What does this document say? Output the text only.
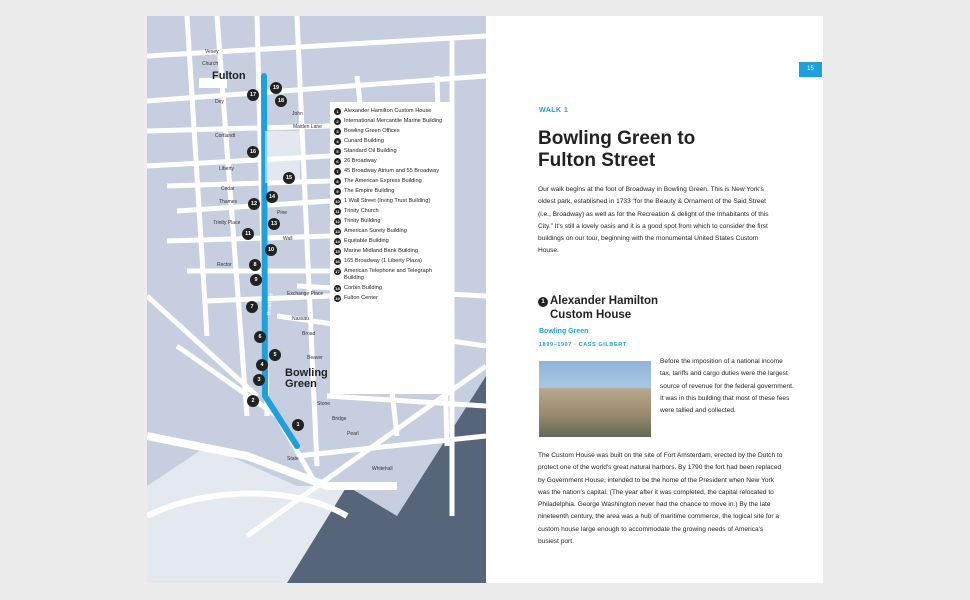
Fulton
Bowling Green
Vesey
Dey
Cortlandt
Maiden Lane
Liberty
Cedar
Thames
Pine
Wall
Rector
Exchange Place
Beaver
Stone
Bridge
Pearl
Whitehall
State
Broad
Nassau
John
Church
Trinity Place
Broadway
1
2
3
4
5
6
7
8
9
10
11
12
13
14
15
16
17
18
19
1 Alexander Hamilton Custom House
2 International Mercantile Marine Building
3 Bowling Green Offices
4 Cunard Building
5 Standard Oil Building
6 26 Broadway
7 45 Broadway Atrium and 55 Broadway
8 The American Express Building
9 The Empire Building
10 1 Wall Street (Irving Trust Building)
11 Trinity Church
12 Trinity Building
13 American Surety Building
14 Equitable Building
15 Marine Midland Bank Building
16 165 Broadway (1 Liberty Plaza)
17 American Telephone and Telegraph Building
18 Corbin Building
19 Fulton Center
15
WALK 1
Bowling Green to Fulton Street
Our walk begins at the foot of Broadway in Bowling Green. This is New York's oldest park, established in 1733 “for the Beauty & Ornament of the Said Street (i.e., Broadway) as well as for the Recreation & delight of the Inhabitants of this City.” It's still a lovely oasis and it is a good spot from which to consider the first buildings on our tour, beginning with the monumental United States Custom House.
1 Alexander Hamilton Custom House
Bowling Green
1899–1907 · CASS GILBERT
Before the imposition of a national income tax, tariffs and cargo duties were the largest source of revenue for the federal government. It was in this building that most of these fees were tallied and collected.
The Custom House was built on the site of Fort Amsterdam, erected by the Dutch to protect one of the world's great natural harbors. By 1790 the fort had been replaced by Government House, intended to be the home of the President when New York was the nation's capital. (The year after it was completed, the capital relocated to Philadelphia. George Washington never had the chance to move in.) By the late nineteenth century, the area was a hub of maritime commerce, the logical site for a custom house large enough to accommodate the growing needs of America's busiest port.
